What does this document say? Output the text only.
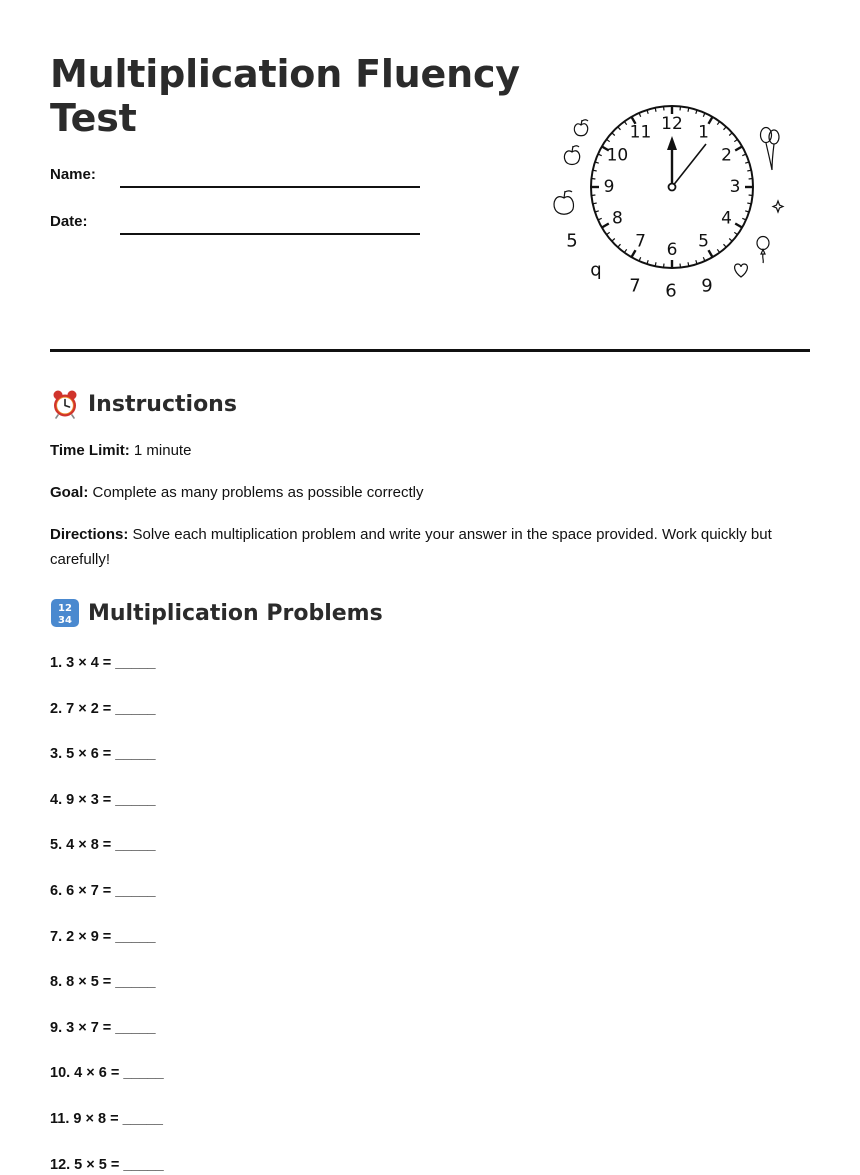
Multiplication Fluency Test
Name:
Date:
12 1
2
3
4
5
6
7
8
9
10
11
5
q
7 6 9
Instructions

Time Limit: 1 minute

Goal: Complete as many problems as possible correctly

Directions: Solve each multiplication problem and write your answer in the space provided. Work quickly but carefully!

12
34 Multiplication Problems

1. 3 × 4 = _____

2. 7 × 2 = _____

3. 5 × 6 = _____

4. 9 × 3 = _____

5. 4 × 8 = _____

6. 6 × 7 = _____

7. 2 × 9 = _____

8. 8 × 5 = _____

9. 3 × 7 = _____

10. 4 × 6 = _____

11. 9 × 8 = _____

12. 5 × 5 = _____
